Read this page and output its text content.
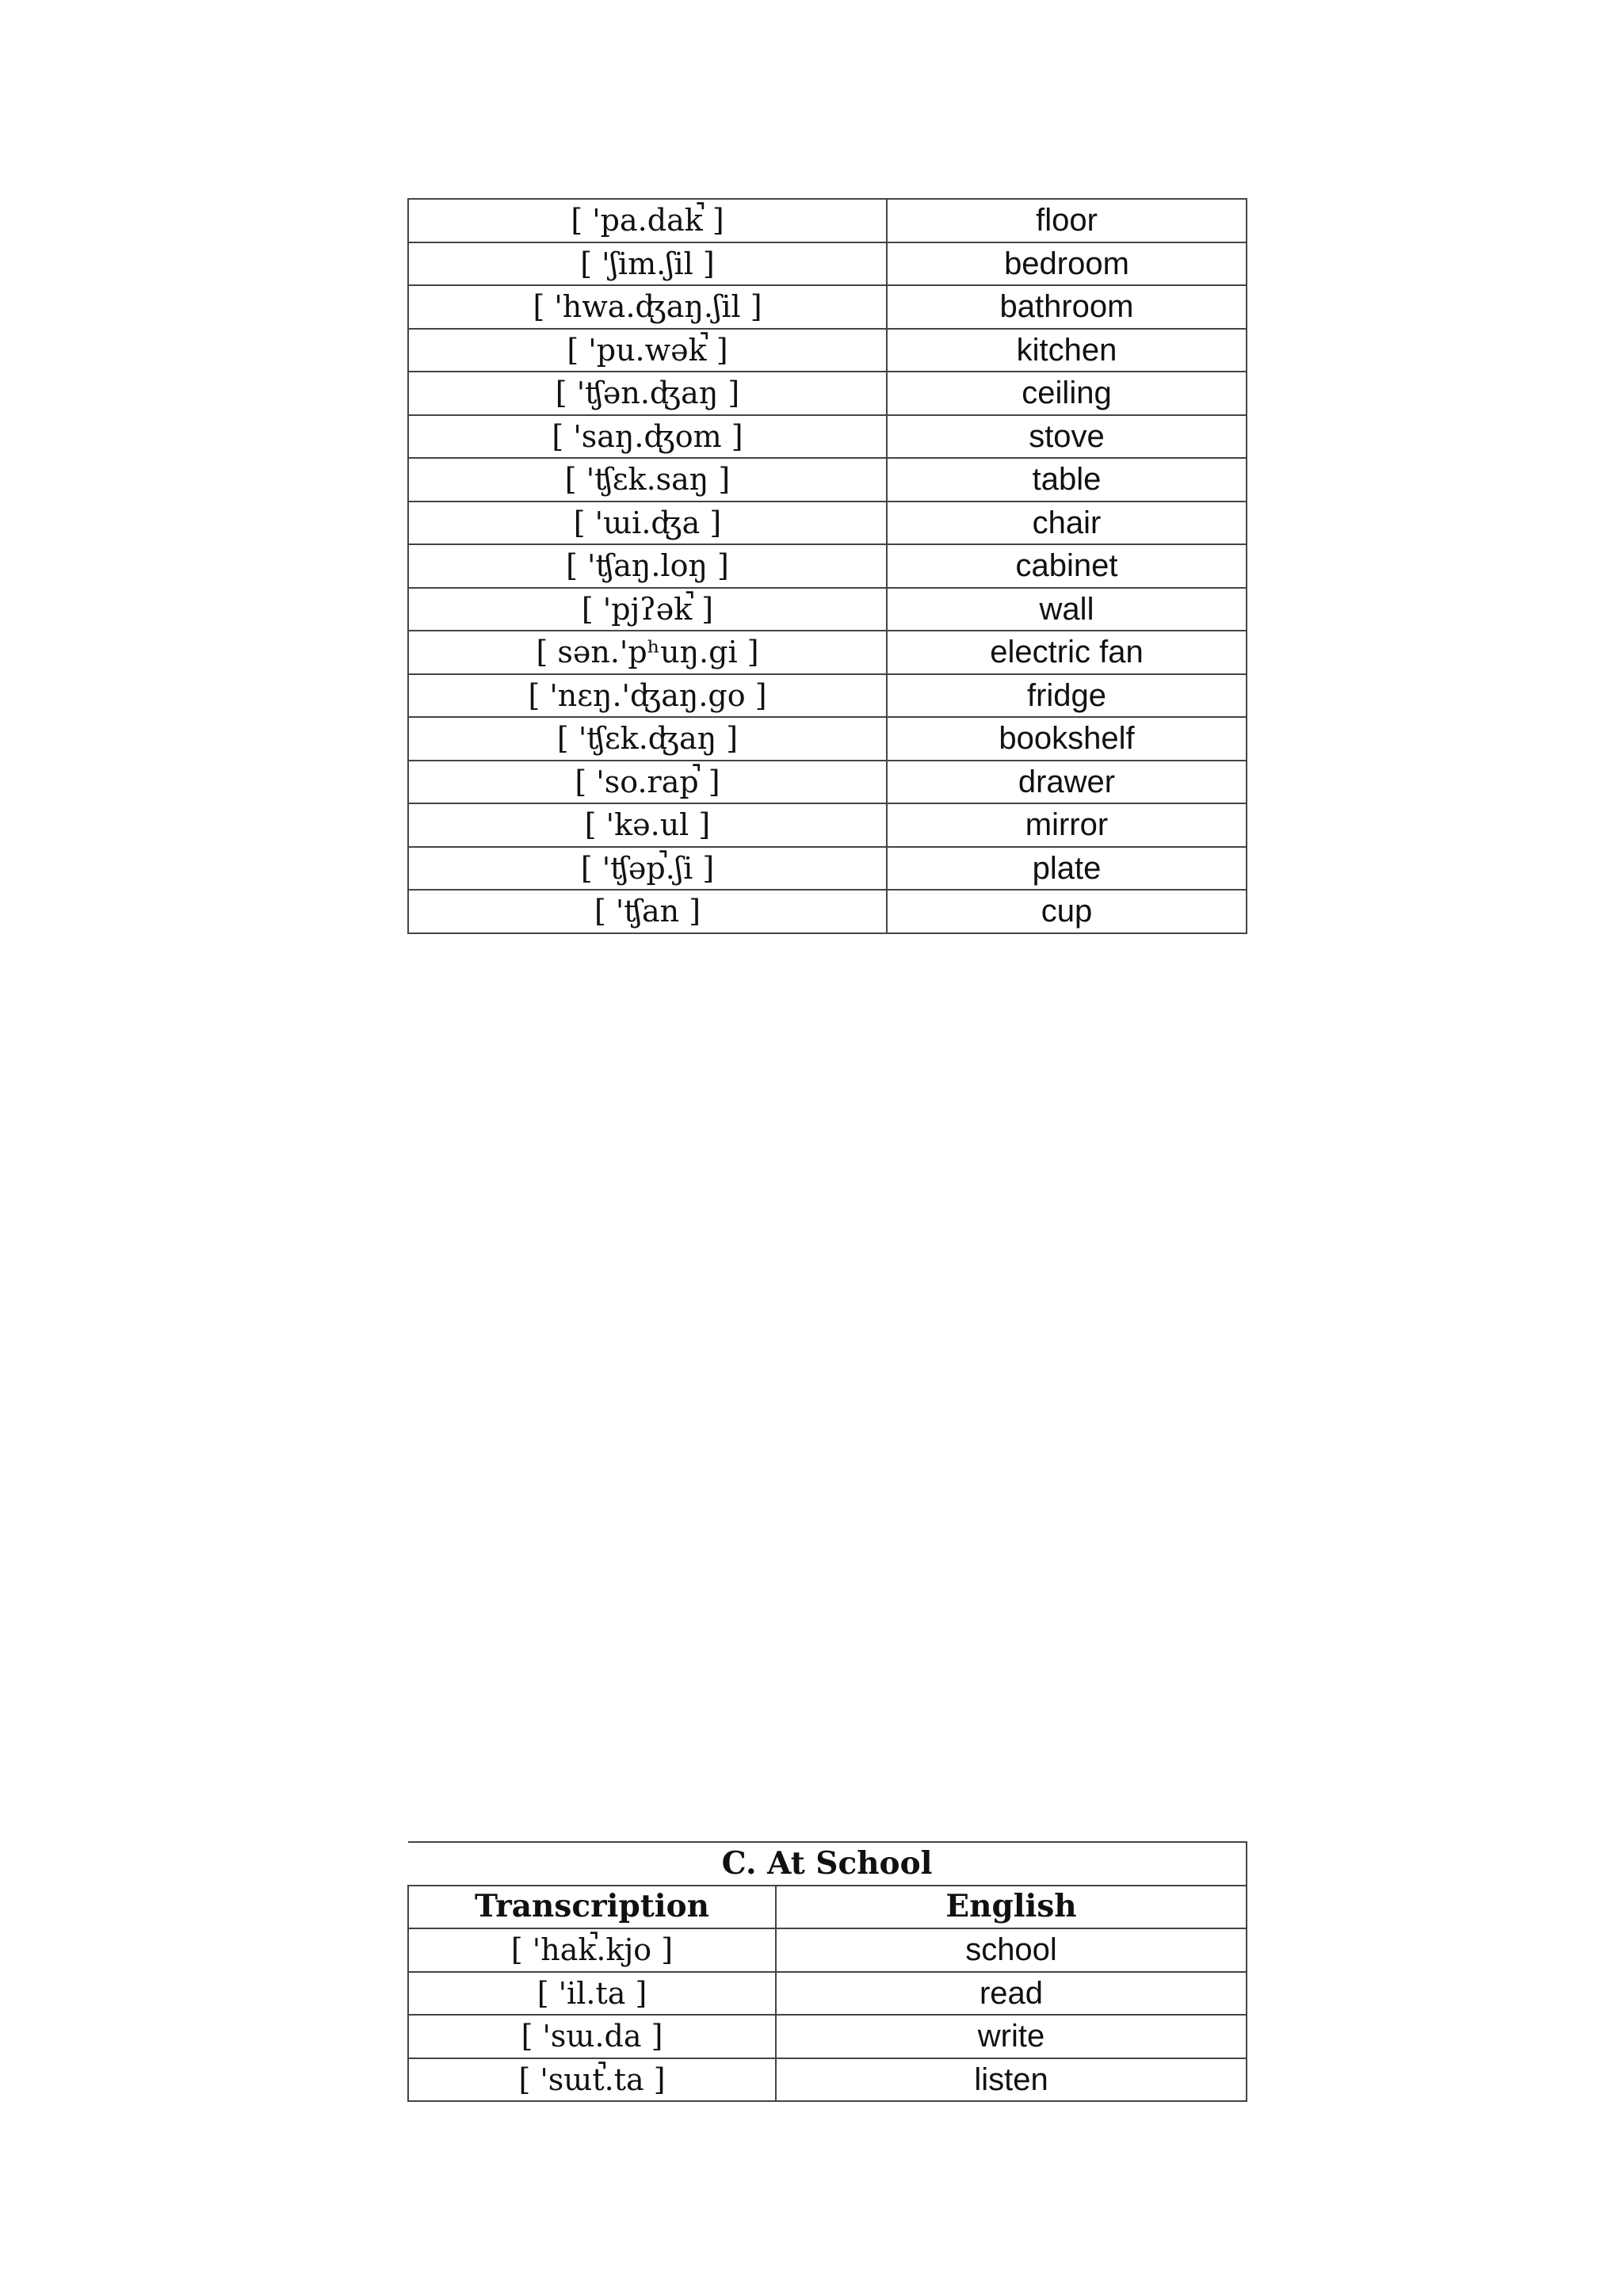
[ 'pa.dak̚ ]	floor
[ 'ʃim.ʃil ]	bedroom
[ 'hwa.ʤaŋ.ʃil ]	bathroom
[ 'pu.wək̚ ]	kitchen
[ 'ʧən.ʤaŋ ]	ceiling
[ 'saŋ.ʤom ]	stove
[ 'ʧɛk.saŋ ]	table
[ 'ɯi.ʤa ]	chair
[ 'ʧaŋ.loŋ ]	cabinet
[ 'pjʔək̚ ]	wall
[ sən.'pʰuŋ.gi ]	electric fan
[ 'nɛŋ.'ʤaŋ.go ]	fridge
[ 'ʧɛk.ʤaŋ ]	bookshelf
[ 'so.rap̚ ]	drawer
[ 'kə.ul ]	mirror
[ 'ʧəp̚.ʃi ]	plate
[ 'ʧan ]	cup
C. At School	
Transcription	English
[ 'hak̚.kjo ]	school
[ 'il.ta ]	read
[ 'sɯ.da ]	write
[ 'sɯt̚.ta ]	listen
